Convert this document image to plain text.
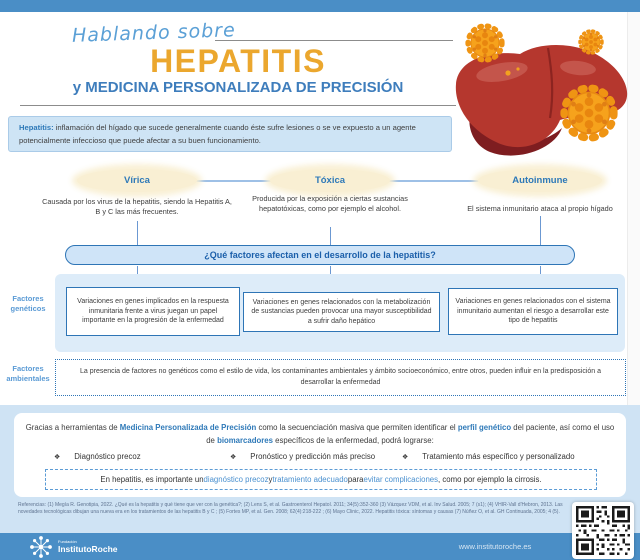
Hablando sobre
HEPATITIS
y MEDICINA PERSONALIZADA DE PRECISIÓN
Hepatitis: inflamación del hígado que sucede generalmente cuando éste sufre lesiones o se ve expuesto a un agente potencialmente infeccioso que puede afectar a su buen funcionamiento.
Vírica	Tóxica	Autoinmune
Causada por los virus de la hepatitis, siendo la Hepatitis A, B y C las más frecuentes.
Producida por la exposición a ciertas sustancias hepatotóxicas, como por ejemplo el alcohol.	El sistema inmunitario ataca al propio hígado
¿Qué factores afectan en el desarrollo de la hepatitis?
Factores genéticos
Variaciones en genes implicados en la respuesta inmunitaria frente a virus juegan un papel importante en la progresión de la enfermedad
Variaciones en genes relacionados con la metabolización de sustancias pueden provocar una mayor susceptibilidad a sufrir daño hepático
Variaciones en genes relacionados con el sistema inmunitario aumentan el riesgo a desarrollar este tipo de hepatitis
Factores ambientales
La presencia de factores no genéticos como el estilo de vida, los contaminantes ambientales y ámbito socioeconómico, entre otros, pueden influir en la predisposición a desarrollar la enfermedad
Gracias a herramientas de Medicina Personalizada de Precisión como la secuenciación masiva que permiten identificar el perfil genético del paciente, así como el uso de biomarcadores específicos de la enfermedad, podrá lograrse:
❖ Diagnóstico precoz	❖ Pronóstico y predicción más preciso	❖ Tratamiento más específico y personalizado
En hepatitis, es importante un diagnóstico precoz y tratamiento adecuado para evitar complicaciones , como por ejemplo la cirrosis.
Referencias: (1) Megía R. Genotipia, 2022. ¿Qué es la hepatitis y qué tiene que ver con la genética?; (2) Lens S, et al. Gastroenterol Hepatol. 2011; 34(5):352-360 (3) Vázquez VDM, et al. Inv Salud. 2005; 7 (s1); (4) VHIR-Vall d'Hebron, 2013. Las novedades tecnológicas dibujan una nueva era en los tratamientos de las hepatitis B y C ; (5) Fortes MP, et al. Gen. 2008; 62(4):218-222 ; (6) Mayo Clinic, 2022. Hepatitis tóxica: síntomas y causas (7) Núñez O, et al. GH Continuada, 2005; 4 (5).
Fundación
InstitutoRoche	www.institutoroche.es
